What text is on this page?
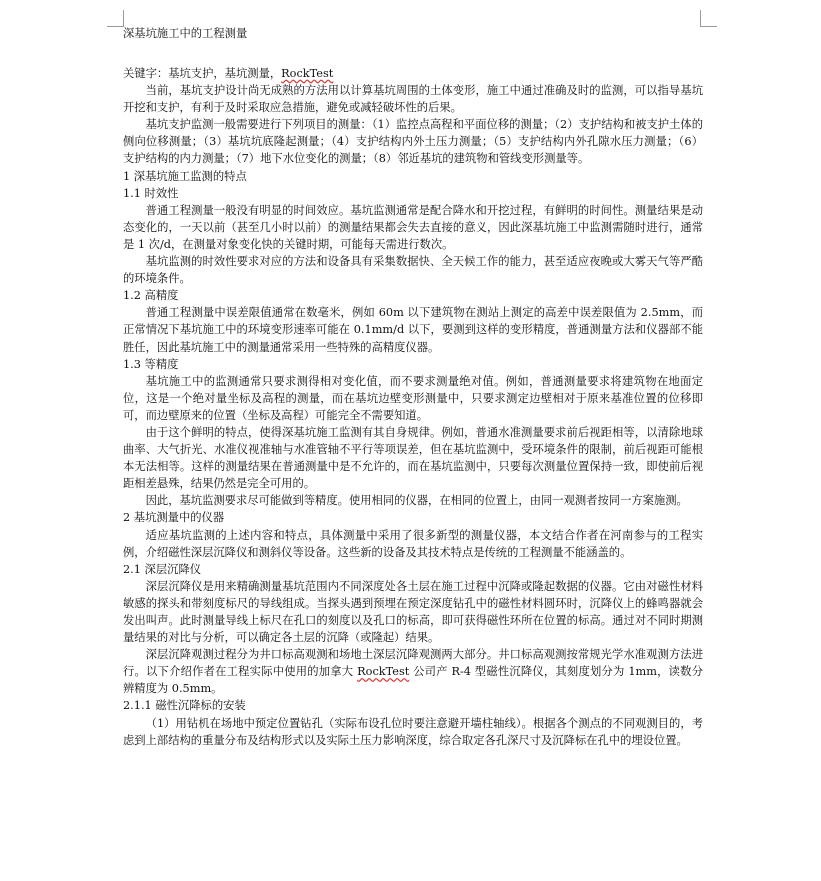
深基坑施工中的工程测量

关键字：基坑支护，基坑测量，RockTest

当前，基坑支护设计尚无成熟的方法用以计算基坑周围的土体变形，施工中通过准确及时的监测，可以指导基坑开挖和支护，有利于及时采取应急措施，避免或减轻破坏性的后果。

基坑支护监测一般需要进行下列项目的测量：（1）监控点高程和平面位移的测量；（2）支护结构和被支护土体的侧向位移测量；（3）基坑坑底隆起测量；（4）支护结构内外土压力测量；（5）支护结构内外孔隙水压力测量；（6）支护结构的内力测量；（7）地下水位变化的测量；（8）邻近基坑的建筑物和管线变形测量等。

1 深基坑施工监测的特点

1.1 时效性

普通工程测量一般没有明显的时间效应。基坑监测通常是配合降水和开挖过程，有鲜明的时间性。测量结果是动态变化的，一天以前（甚至几小时以前）的测量结果都会失去直接的意义，因此深基坑施工中监测需随时进行，通常是 1 次/d，在测量对象变化快的关键时期，可能每天需进行数次。

基坑监测的时效性要求对应的方法和设备具有采集数据快、全天候工作的能力，甚至适应夜晚或大雾天气等严酷的环境条件。

1.2 高精度

普通工程测量中误差限值通常在数毫米，例如 60m 以下建筑物在测站上测定的高差中误差限值为 2.5mm，而正常情况下基坑施工中的环境变形速率可能在 0.1mm/d 以下，要测到这样的变形精度，普通测量方法和仪器部不能胜任，因此基坑施工中的测量通常采用一些特殊的高精度仪器。

1.3 等精度

基坑施工中的监测通常只要求测得相对变化值，而不要求测量绝对值。例如，普通测量要求将建筑物在地面定位，这是一个绝对量坐标及高程的测量，而在基坑边壁变形测量中，只要求测定边壁相对于原来基准位置的位移即可，而边壁原来的位置（坐标及高程）可能完全不需要知道。

由于这个鲜明的特点，使得深基坑施工监测有其自身规律。例如，普通水准测量要求前后视距相等，以清除地球曲率、大气折光、水准仪视准轴与水准管轴不平行等项误差，但在基坑监测中，受环境条件的限制，前后视距可能根本无法相等。这样的测量结果在普通测量中是不允许的，而在基坑监测中，只要每次测量位置保持一致，即使前后视距相差悬殊，结果仍然是完全可用的。

因此，基坑监测要求尽可能做到等精度。使用相同的仪器，在相同的位置上，由同一观测者按同一方案施测。

2 基坑测量中的仪器

适应基坑监测的上述内容和特点，具体测量中采用了很多新型的测量仪器，本文结合作者在河南参与的工程实例，介绍磁性深层沉降仪和测斜仪等设备。这些新的设备及其技术特点是传统的工程测量不能涵盖的。

2.1 深层沉降仪

深层沉降仪是用来精确测量基坑范围内不同深度处各土层在施工过程中沉降或隆起数据的仪器。它由对磁性材料敏感的探头和带刻度标尺的导线组成。当探头遇到预埋在预定深度钻孔中的磁性材料圆环时，沉降仪上的蜂鸣器就会发出叫声。此时测量导线上标尺在孔口的刻度以及孔口的标高，即可获得磁性环所在位置的标高。通过对不同时期测量结果的对比与分析，可以确定各土层的沉降（或隆起）结果。

深层沉降观测过程分为井口标高观测和场地土深层沉降观测两大部分。井口标高观测按常规光学水准观测方法进行。以下介绍作者在工程实际中使用的加拿大 RockTest 公司产 R-4 型磁性沉降仪，其刻度划分为 1mm，读数分辨精度为 0.5mm。

2.1.1 磁性沉降标的安装

（1）用钻机在场地中预定位置钻孔（实际布设孔位时要注意避开墙柱轴线）。根据各个测点的不同观测目的，考虑到上部结构的重量分布及结构形式以及实际土压力影响深度，综合取定各孔深尺寸及沉降标在孔中的埋设位置。
